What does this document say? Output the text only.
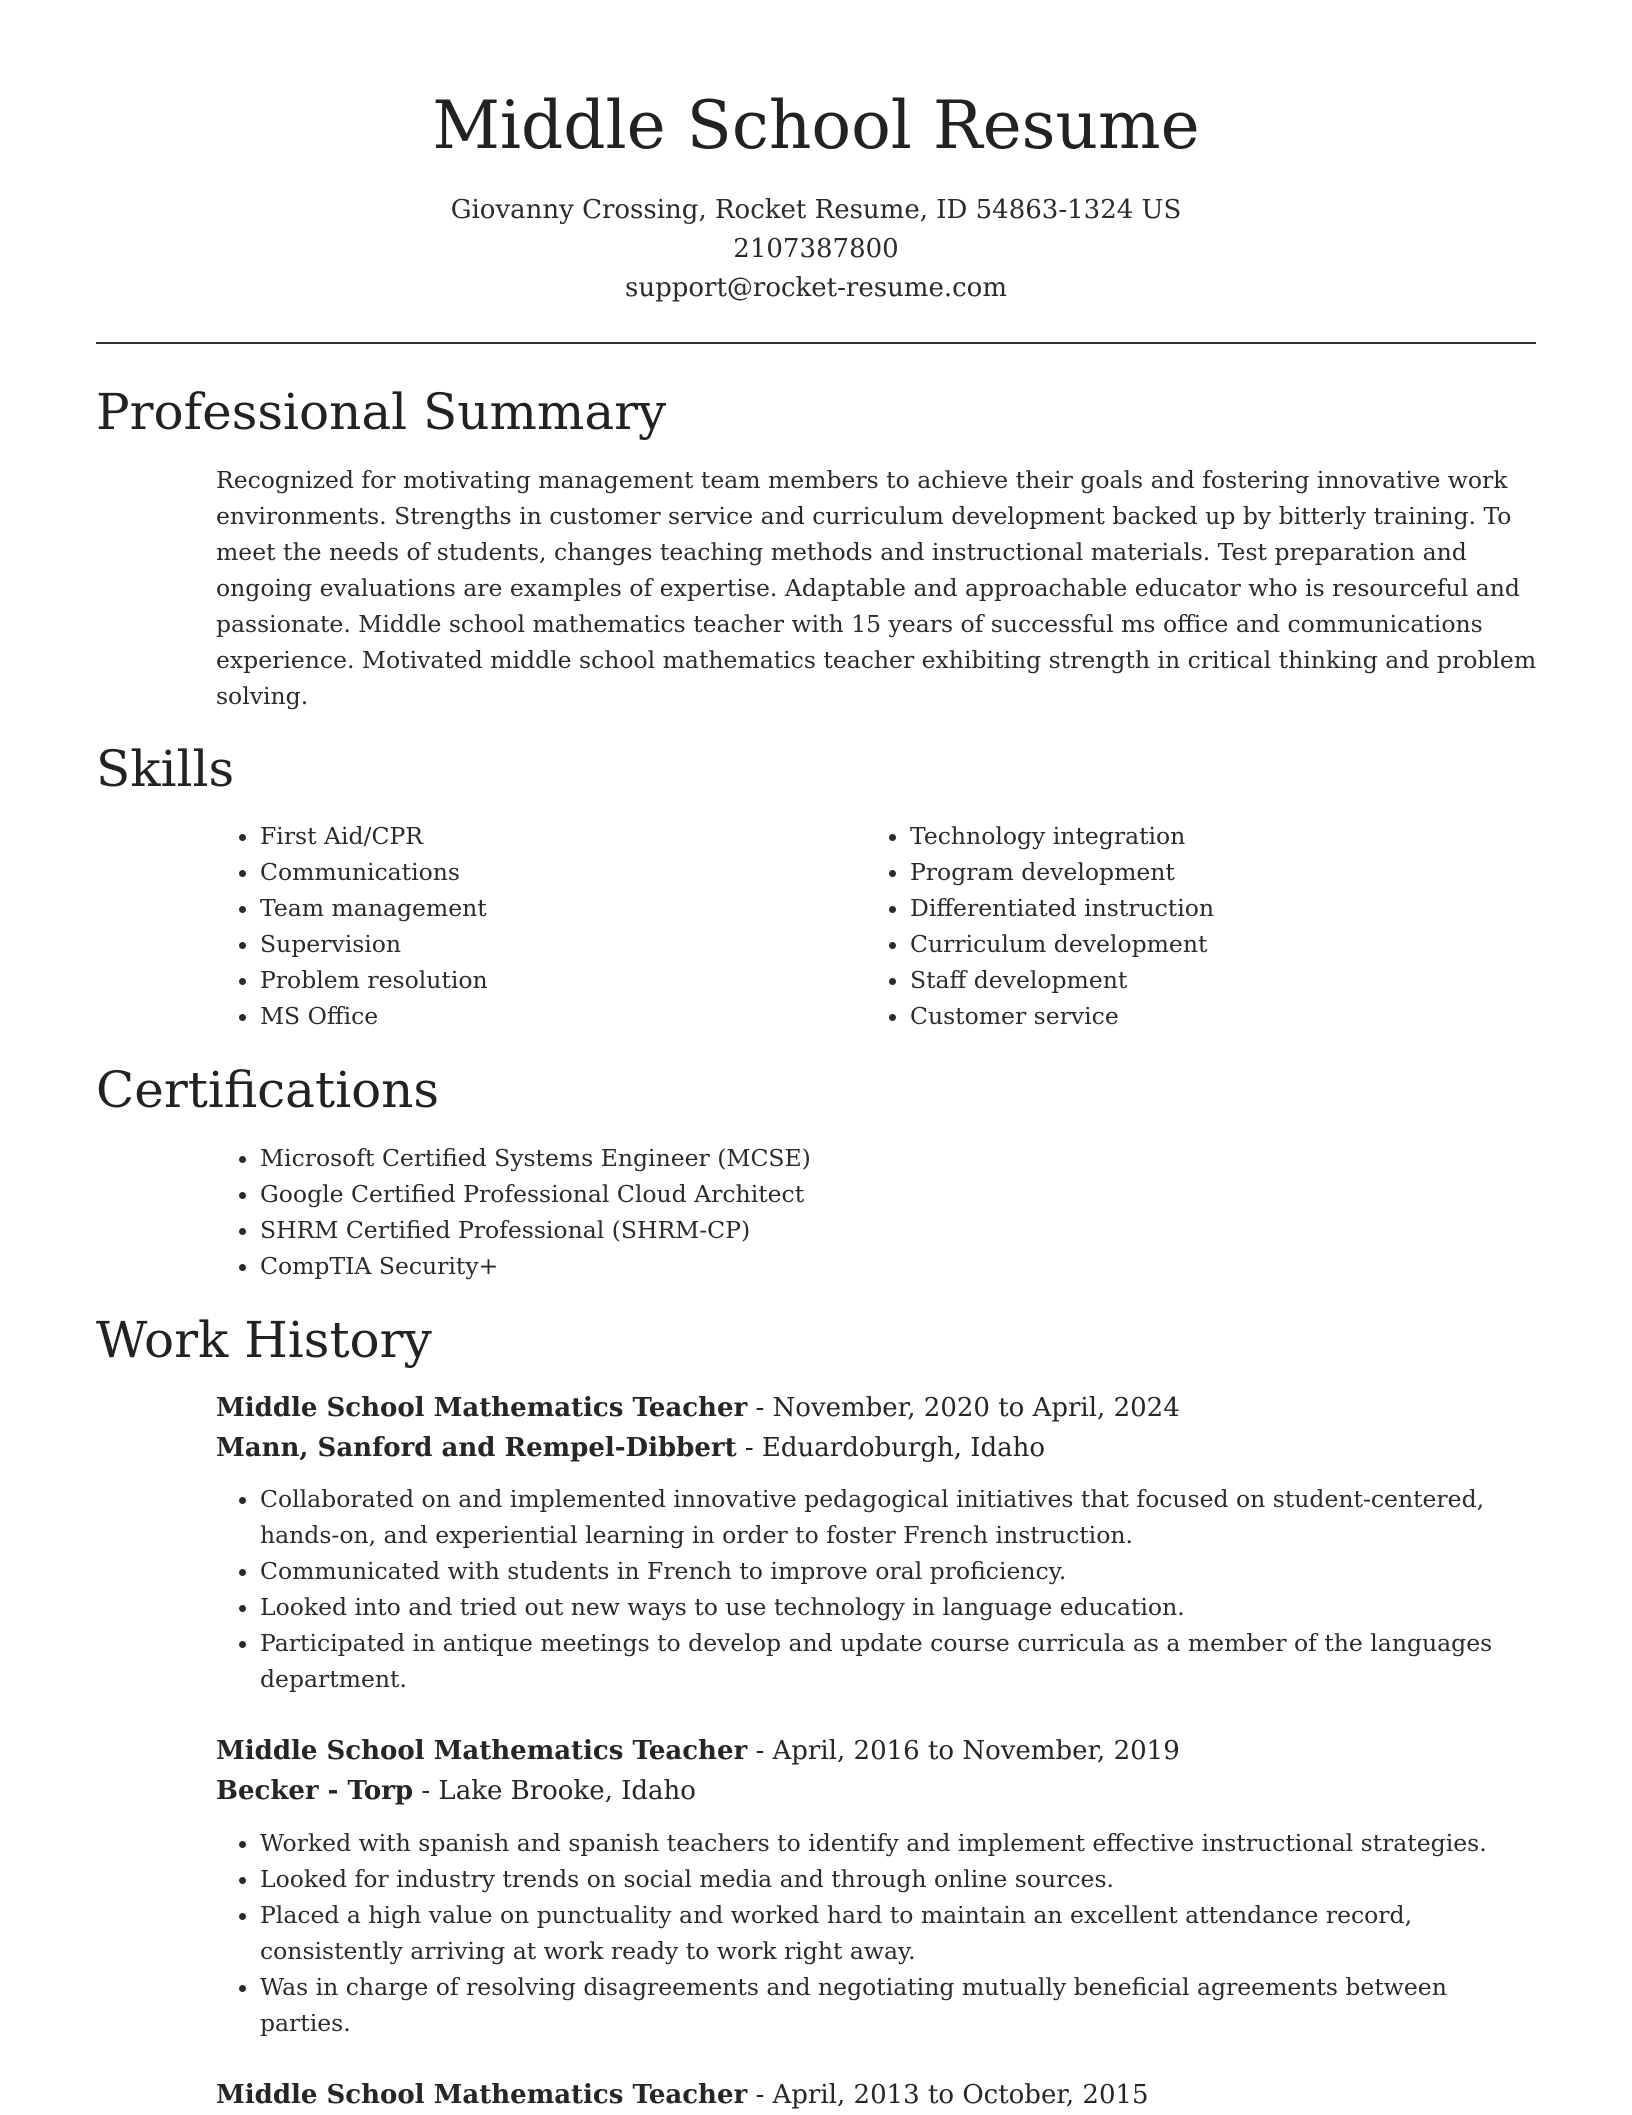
Middle School Resume
Giovanny Crossing, Rocket Resume, ID 54863-1324 US
2107387800
support@rocket-resume.com
Professional Summary

Recognized for motivating management team members to achieve their goals and fostering innovative work environments. Strengths in customer service and curriculum development backed up by bitterly training. To meet the needs of students, changes teaching methods and instructional materials. Test preparation and ongoing evaluations are examples of expertise. Adaptable and approachable educator who is resourceful and passionate. Middle school mathematics teacher with 15 years of successful ms office and communications experience. Motivated middle school mathematics teacher exhibiting strength in critical thinking and problem solving.

Skills
• First Aid/CPR
• Communications
• Team management
• Supervision
• Problem resolution
• MS Office
• Technology integration
• Program development
• Differentiated instruction
• Curriculum development
• Staff development
• Customer service
Certifications
• Microsoft Certified Systems Engineer (MCSE)
• Google Certified Professional Cloud Architect
• SHRM Certified Professional (SHRM-CP)
• CompTIA Security+
Work History
Middle School Mathematics Teacher - November, 2020 to April, 2024
Mann, Sanford and Rempel-Dibbert - Eduardoburgh, Idaho
• Collaborated on and implemented innovative pedagogical initiatives that focused on student-centered, hands-on, and experiential learning in order to foster French instruction.
• Communicated with students in French to improve oral proficiency.
• Looked into and tried out new ways to use technology in language education.
• Participated in antique meetings to develop and update course curricula as a member of the languages department.
Middle School Mathematics Teacher - April, 2016 to November, 2019
Becker - Torp - Lake Brooke, Idaho
• Worked with spanish and spanish teachers to identify and implement effective instructional strategies.
• Looked for industry trends on social media and through online sources.
• Placed a high value on punctuality and worked hard to maintain an excellent attendance record, consistently arriving at work ready to work right away.
• Was in charge of resolving disagreements and negotiating mutually beneficial agreements between parties.
Middle School Mathematics Teacher - April, 2013 to October, 2015
